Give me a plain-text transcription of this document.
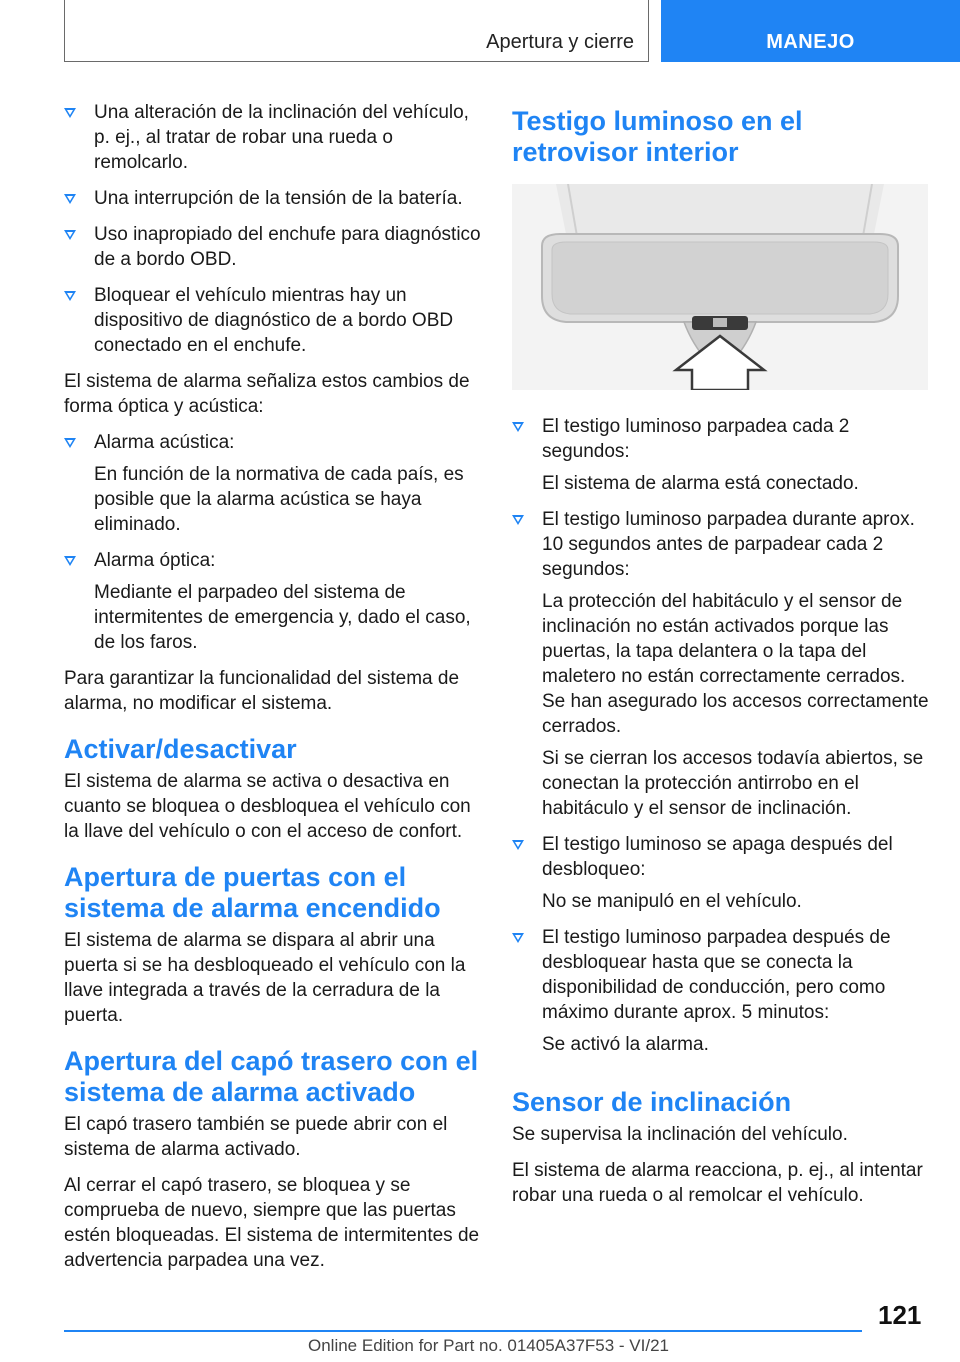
Apertura y cierre	MANEJO
Una alteración de la inclinación del vehículo, p. ej., al tratar de robar una rueda o remolcarlo.
Una interrupción de la tensión de la batería.
Uso inapropiado del enchufe para diagnóstico de a bordo OBD.
Bloquear el vehículo mientras hay un dispositivo de diagnóstico de a bordo OBD conectado en el enchufe.

El sistema de alarma señaliza estos cambios de forma óptica y acústica:

Alarma acústica:
En función de la normativa de cada país, es posible que la alarma acústica se haya eliminado.
Alarma óptica:
Mediante el parpadeo del sistema de intermitentes de emergencia y, dado el caso, de los faros.

Para garantizar la funcionalidad del sistema de alarma, no modificar el sistema.

Activar/desactivar

El sistema de alarma se activa o desactiva en cuanto se bloquea o desbloquea el vehículo con la llave del vehículo o con el acceso de confort.

Apertura de puertas con el sistema de alarma encendido

El sistema de alarma se dispara al abrir una puerta si se ha desbloqueado el vehículo con la llave integrada a través de la cerradura de la puerta.

Apertura del capó trasero con el sistema de alarma activado

El capó trasero también se puede abrir con el sistema de alarma activado.

Al cerrar el capó trasero, se bloquea y se comprueba de nuevo, siempre que las puertas estén bloqueadas. El sistema de intermitentes de advertencia parpadea una vez.

Testigo luminoso en el retrovisor interior
El testigo luminoso parpadea cada 2 segundos:
El sistema de alarma está conectado.
El testigo luminoso parpadea durante aprox. 10 segundos antes de parpadear cada 2 segundos:
La protección del habitáculo y el sensor de inclinación no están activados porque las puertas, la tapa delantera o la tapa del maletero no están correctamente cerrados. Se han asegurado los accesos correctamente cerrados.
Si se cierran los accesos todavía abiertos, se conectan la protección antirrobo en el habitáculo y el sensor de inclinación.
El testigo luminoso se apaga después del desbloqueo:
No se manipuló en el vehículo.
El testigo luminoso parpadea después de desbloquear hasta que se conecta la disponibilidad de conducción, pero como máximo durante aprox. 5 minutos:
Se activó la alarma.
Sensor de inclinación

Se supervisa la inclinación del vehículo.

El sistema de alarma reacciona, p. ej., al intentar robar una rueda o al remolcar el vehículo.

121
Online Edition for Part no. 01405A37F53 - VI/21
